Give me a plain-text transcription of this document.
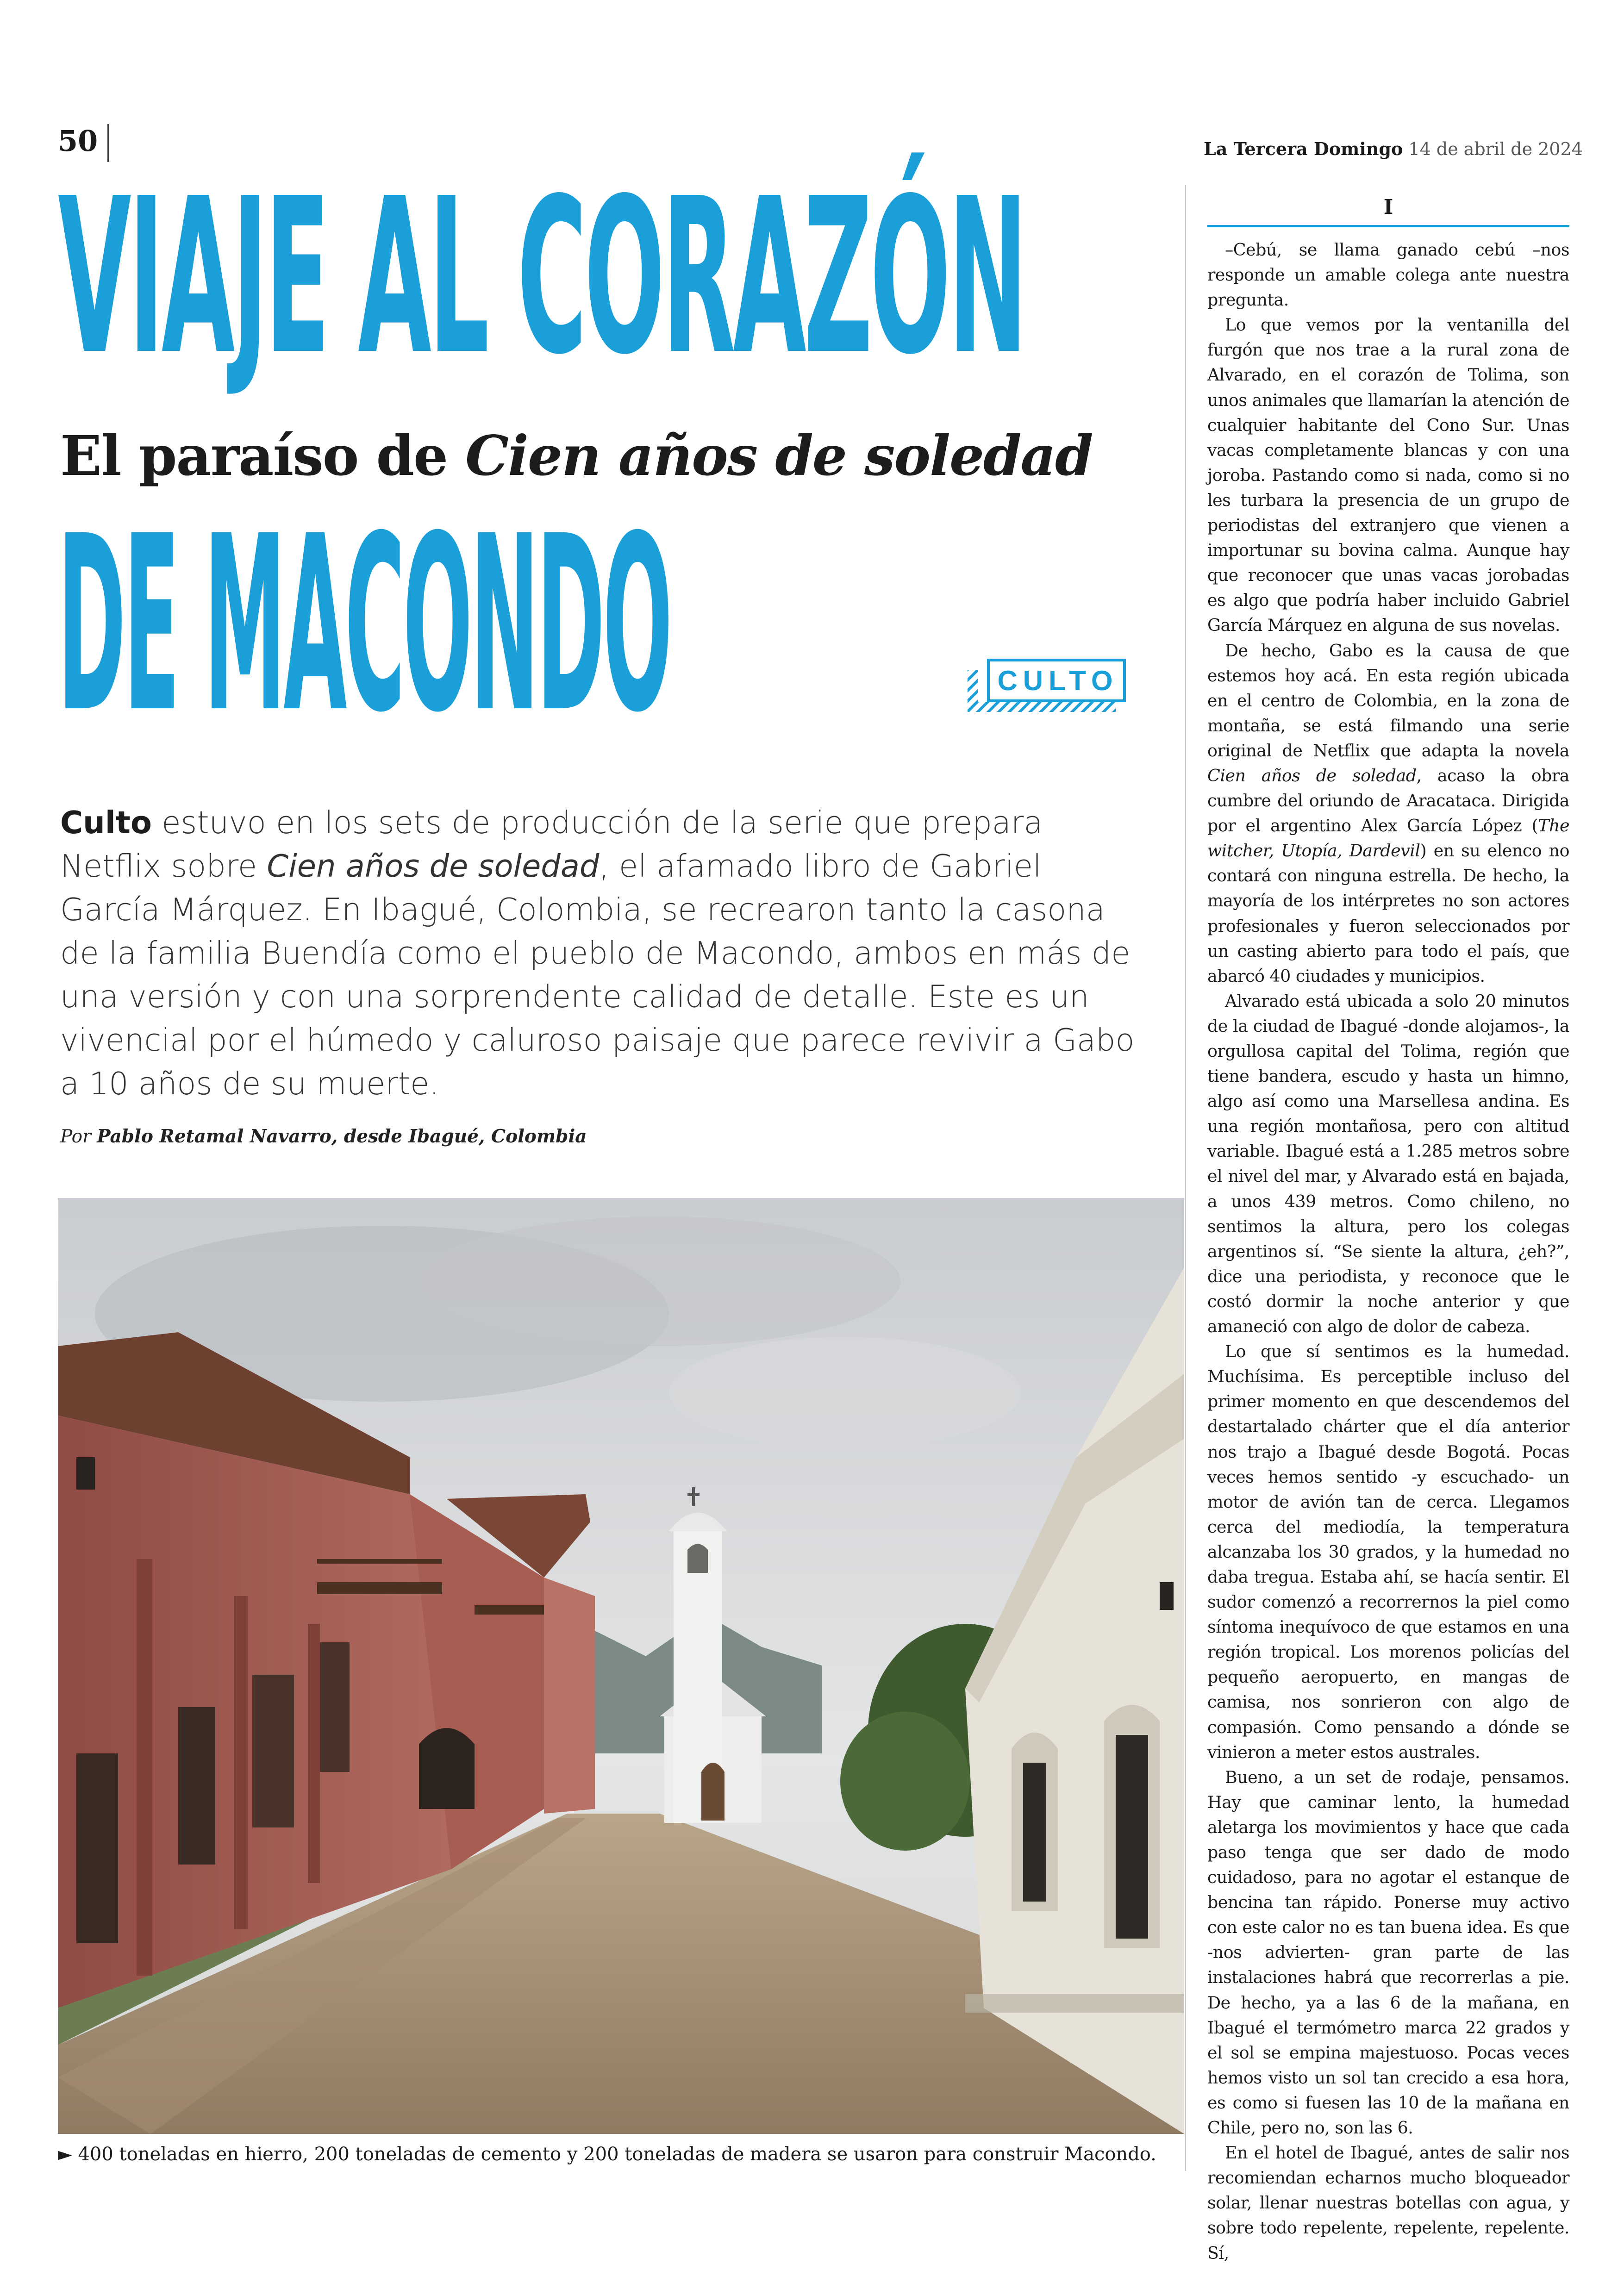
50	La Tercera Domingo 14 de abril de 2024
VIAJE AL CORAZÓN
El paraíso de Cien años de soledad
DE MACONDO	CULTO
Culto estuvo en los sets de producción de la serie que prepara Netflix sobre Cien años de soledad, el afamado libro de Gabriel García Márquez. En Ibagué, Colombia, se recrearon tanto la casona de la familia Buendía como el pueblo de Macondo, ambos en más de una versión y con una sorprendente calidad de detalle. Este es un vivencial por el húmedo y caluroso paisaje que parece revivir a Gabo a 10 años de su muerte.
Por Pablo Retamal Navarro, desde Ibagué, Colombia
► 400 toneladas en hierro, 200 toneladas de cemento y 200 toneladas de madera se usaron para construir Macondo.
I

–Cebú, se llama ganado cebú –nos responde un amable colega ante nuestra pregunta.

Lo que vemos por la ventanilla del furgón que nos trae a la rural zona de Alvarado, en el corazón de Tolima, son unos animales que llamarían la atención de cualquier habitante del Cono Sur. Unas vacas completamente blancas y con una joroba. Pastando como si nada, como si no les turbara la presencia de un grupo de periodistas del extranjero que vienen a importunar su bovina calma. Aunque hay que reconocer que unas vacas jorobadas es algo que podría haber incluido Gabriel García Márquez en alguna de sus novelas.

De hecho, Gabo es la causa de que estemos hoy acá. En esta región ubicada en el centro de Colombia, en la zona de montaña, se está filmando una serie original de Netflix que adapta la novela Cien años de soledad, acaso la obra cumbre del oriundo de Aracataca. Dirigida por el argentino Alex García López (The witcher, Utopía, Dardevil) en su elenco no contará con ninguna estrella. De hecho, la mayoría de los intérpretes no son actores profesionales y fueron seleccionados por un casting abierto para todo el país, que abarcó 40 ciudades y municipios.

Alvarado está ubicada a solo 20 minutos de la ciudad de Ibagué -donde alojamos-, la orgullosa capital del Tolima, región que tiene bandera, escudo y hasta un himno, algo así como una Marsellesa andina. Es una región montañosa, pero con altitud variable. Ibagué está a 1.285 metros sobre el nivel del mar, y Alvarado está en bajada, a unos 439 metros. Como chileno, no sentimos la altura, pero los colegas argentinos sí. “Se siente la altura, ¿eh?”, dice una periodista, y reconoce que le costó dormir la noche anterior y que amaneció con algo de dolor de cabeza.

Lo que sí sentimos es la humedad. Muchísima. Es perceptible incluso del primer momento en que descendemos del destartalado chárter que el día anterior nos trajo a Ibagué desde Bogotá. Pocas veces hemos sentido -y escuchado- un motor de avión tan de cerca. Llegamos cerca del mediodía, la temperatura alcanzaba los 30 grados, y la humedad no daba tregua. Estaba ahí, se hacía sentir. El sudor comenzó a recorrernos la piel como síntoma inequívoco de que estamos en una región tropical. Los morenos policías del pequeño aeropuerto, en mangas de camisa, nos sonrieron con algo de compasión. Como pensando a dónde se vinieron a meter estos australes.

Bueno, a un set de rodaje, pensamos. Hay que caminar lento, la humedad aletarga los movimientos y hace que cada paso tenga que ser dado de modo cuidadoso, para no agotar el estanque de bencina tan rápido. Ponerse muy activo con este calor no es tan buena idea. Es que -nos advierten- gran parte de las instalaciones habrá que recorrerlas a pie. De hecho, ya a las 6 de la mañana, en Ibagué el termómetro marca 22 grados y el sol se empina majestuoso. Pocas veces hemos visto un sol tan crecido a esa hora, es como si fuesen las 10 de la mañana en Chile, pero no, son las 6.

En el hotel de Ibagué, antes de salir nos recomiendan echarnos mucho bloqueador solar, llenar nuestras botellas con agua, y sobre todo repelente, repelente, repelente. Sí,
